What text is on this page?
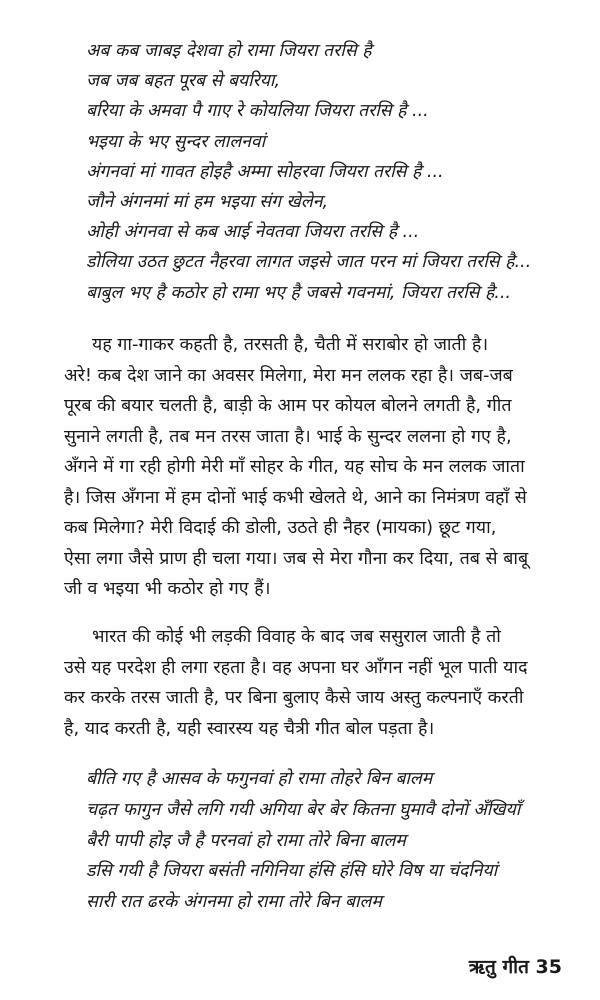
अब कब जाबइ देशवा हो रामा जियरा तरसि है
जब जब बहत पूरब से बयरिया,
बरिया के अमवा पै गाए रे कोयलिया जियरा तरसि है ...
भइया के भए सुन्दर लालनवां
अंगनवां मां गावत होइहै अम्मा सोहरवा जियरा तरसि है ...
जौने अंगनमां मां हम भइया संग खेलेन,
ओही अंगनवा से कब आई नेवतवा जियरा तरसि है ...
डोलिया उठत छुटत नैहरवा लागत जइसे जात परन मां जियरा तरसि है...
बाबुल भए है कठोर हो रामा भए है जबसे गवनमां, जियरा तरसि है...
यह गा-गाकर कहती है, तरसती है, चैती में सराबोर हो जाती है।
अरे! कब देश जाने का अवसर मिलेगा, मेरा मन ललक रहा है। जब-जब
पूरब की बयार चलती है, बाड़ी के आम पर कोयल बोलने लगती है, गीत
सुनाने लगती है, तब मन तरस जाता है। भाई के सुन्दर ललना हो गए है,
अँगने में गा रही होगी मेरी माँ सोहर के गीत, यह सोच के मन ललक जाता
है। जिस अँगना में हम दोनों भाई कभी खेलते थे, आने का निमंत्रण वहाँ से
कब मिलेगा? मेरी विदाई की डोली, उठते ही नैहर (मायका) छूट गया,
ऐसा लगा जैसे प्राण ही चला गया। जब से मेरा गौना कर दिया, तब से बाबू
जी व भइया भी कठोर हो गए हैं।
भारत की कोई भी लड़की विवाह के बाद जब ससुराल जाती है तो
उसे यह परदेश ही लगा रहता है। वह अपना घर आँगन नहीं भूल पाती याद
कर करके तरस जाती है, पर बिना बुलाए कैसे जाय अस्तु कल्पनाएँ करती
है, याद करती है, यही स्वारस्य यह चैत्री गीत बोल पड़ता है।
बीति गए है आसव के फगुनवां हो रामा तोहरे बिन बालम
चढ़त फागुन जैसे लगि गयी अगिया बेर बेर कितना घुमावै दोनों अँखियाँ
बैरी पापी होइ जै है परनवां हो रामा तोरे बिना बालम
डसि गयी है जियरा बसंती नगिनिया हंसि हंसि घोरे विष या चंदनियां
सारी रात ढरके अंगनमा हो रामा तोरे बिन बालम
ऋतु गीत 35
